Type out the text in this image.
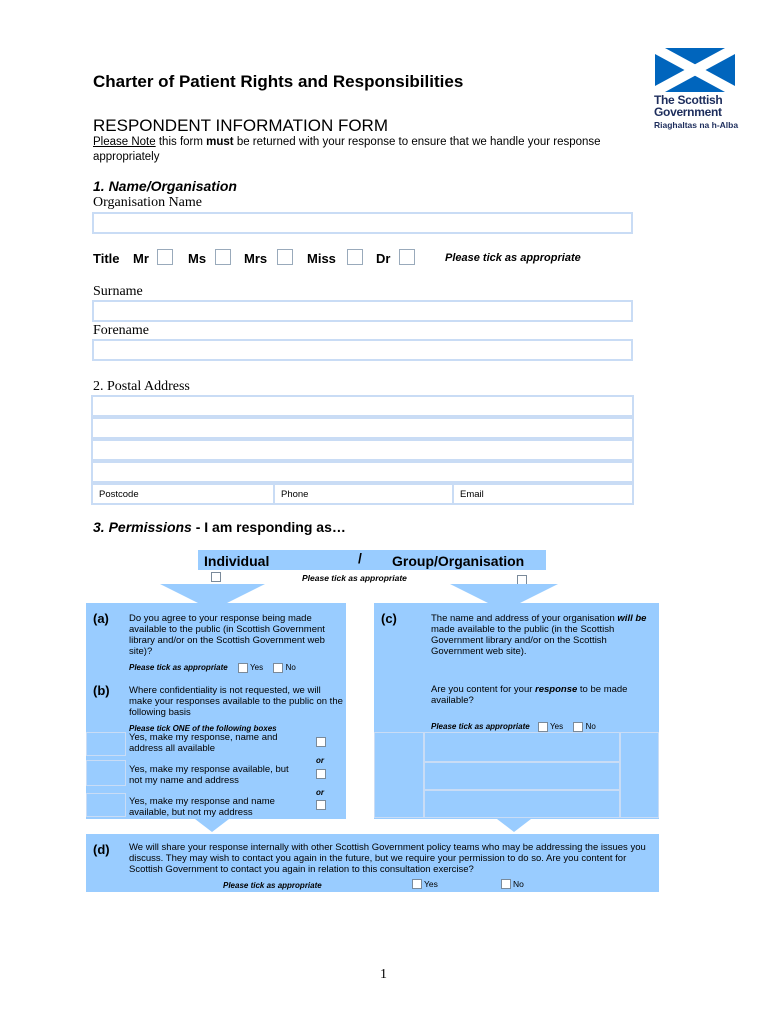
Charter of Patient Rights and Responsibilities
RESPONDENT INFORMATION FORM
Please Note this form must be returned with your response to ensure that we handle your response appropriately
The Scottish
Government
Riaghaltas na h-Alba
1. Name/Organisation
Organisation Name
Title Mr	Ms	Mrs	Miss	Dr	Please tick as appropriate
Surname
Forename
2. Postal Address
Postcode	Phone	Email
3. Permissions - I am responding as…
Individual	/ Group/Organisation
Please tick as appropriate
(a) Do you agree to your response being made available to the public (in Scottish Government library and/or on the Scottish Government web site)?
Please tick as appropriate	Yes	No
(b) Where confidentiality is not requested, we will make your responses available to the public on the following basis
Please tick ONE of the following boxes
Yes, make my response, name and address all available
or
Yes, make my response available, but not my name and address
or
Yes, make my response and name available, but not my address
(c)	The name and address of your organisation will be made available to the public (in the Scottish Government library and/or on the Scottish Government web site).
Are you content for your response to be made available?
Please tick as appropriate	Yes	No
(d) We will share your response internally with other Scottish Government policy teams who may be addressing the issues you discuss. They may wish to contact you again in the future, but we require your permission to do so. Are you content for Scottish Government to contact you again in relation to this consultation exercise?
Please tick as appropriate	Yes	No
1
